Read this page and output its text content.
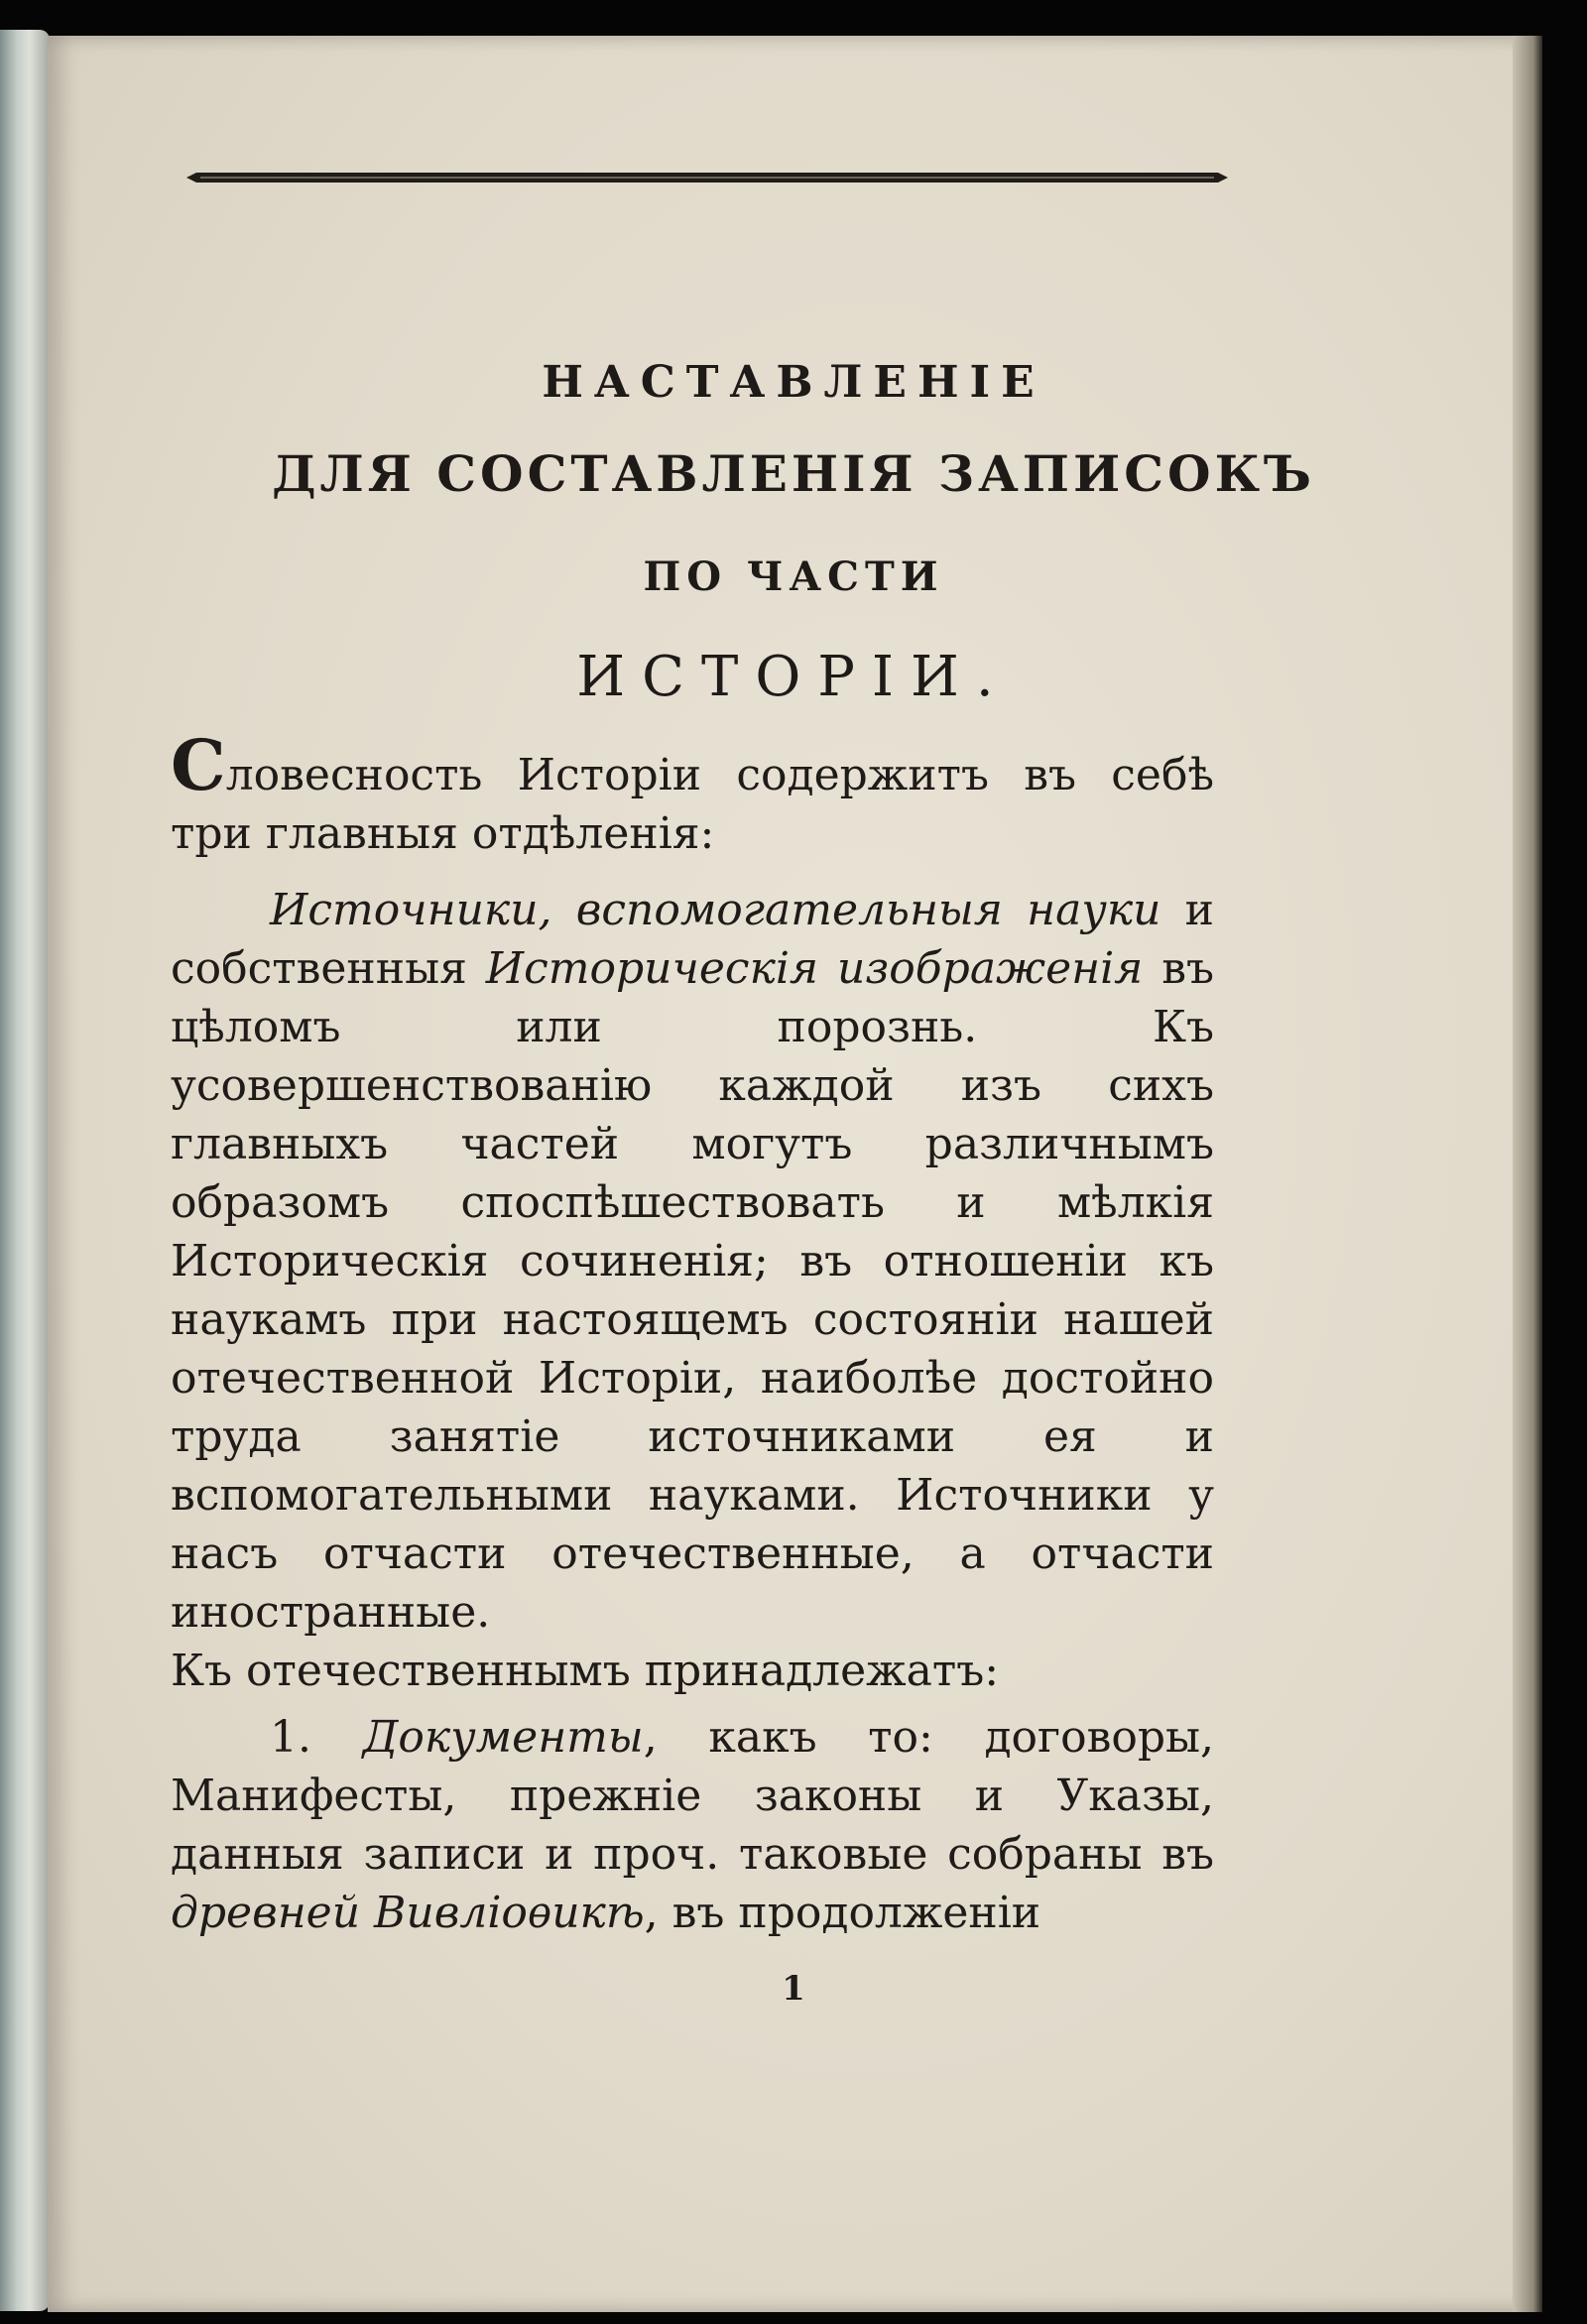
НАСТАВЛЕНІЕ
ДЛЯ СОСТАВЛЕНІЯ ЗАПИСОКЪ
ПО ЧАСТИ
ИСТОРІИ.

Словесность Исторіи содержитъ въ себѣ три главныя отдѣленія:

Источники, вспомогательныя науки и собственныя Историческія изображенія въ цѣломъ или порознь. Къ усовершенствованію каждой изъ сихъ главныхъ частей могутъ различнымъ образомъ споспѣшествовать и мѣлкія Историческія сочиненія; въ отношеніи къ наукамъ при настоящемъ состояніи нашей отечественной Исторіи, наиболѣе достойно труда занятіе источниками ея и вспомогательными науками. Источники у насъ отчасти отечественные, а отчасти иностранные.

Къ отечественнымъ принадлежатъ:

1. Документы, какъ то: договоры, Манифесты, прежніе законы и Указы, данныя записи и проч. таковые собраны въ древней Вивліоѳикѣ, въ продолженіи

1
